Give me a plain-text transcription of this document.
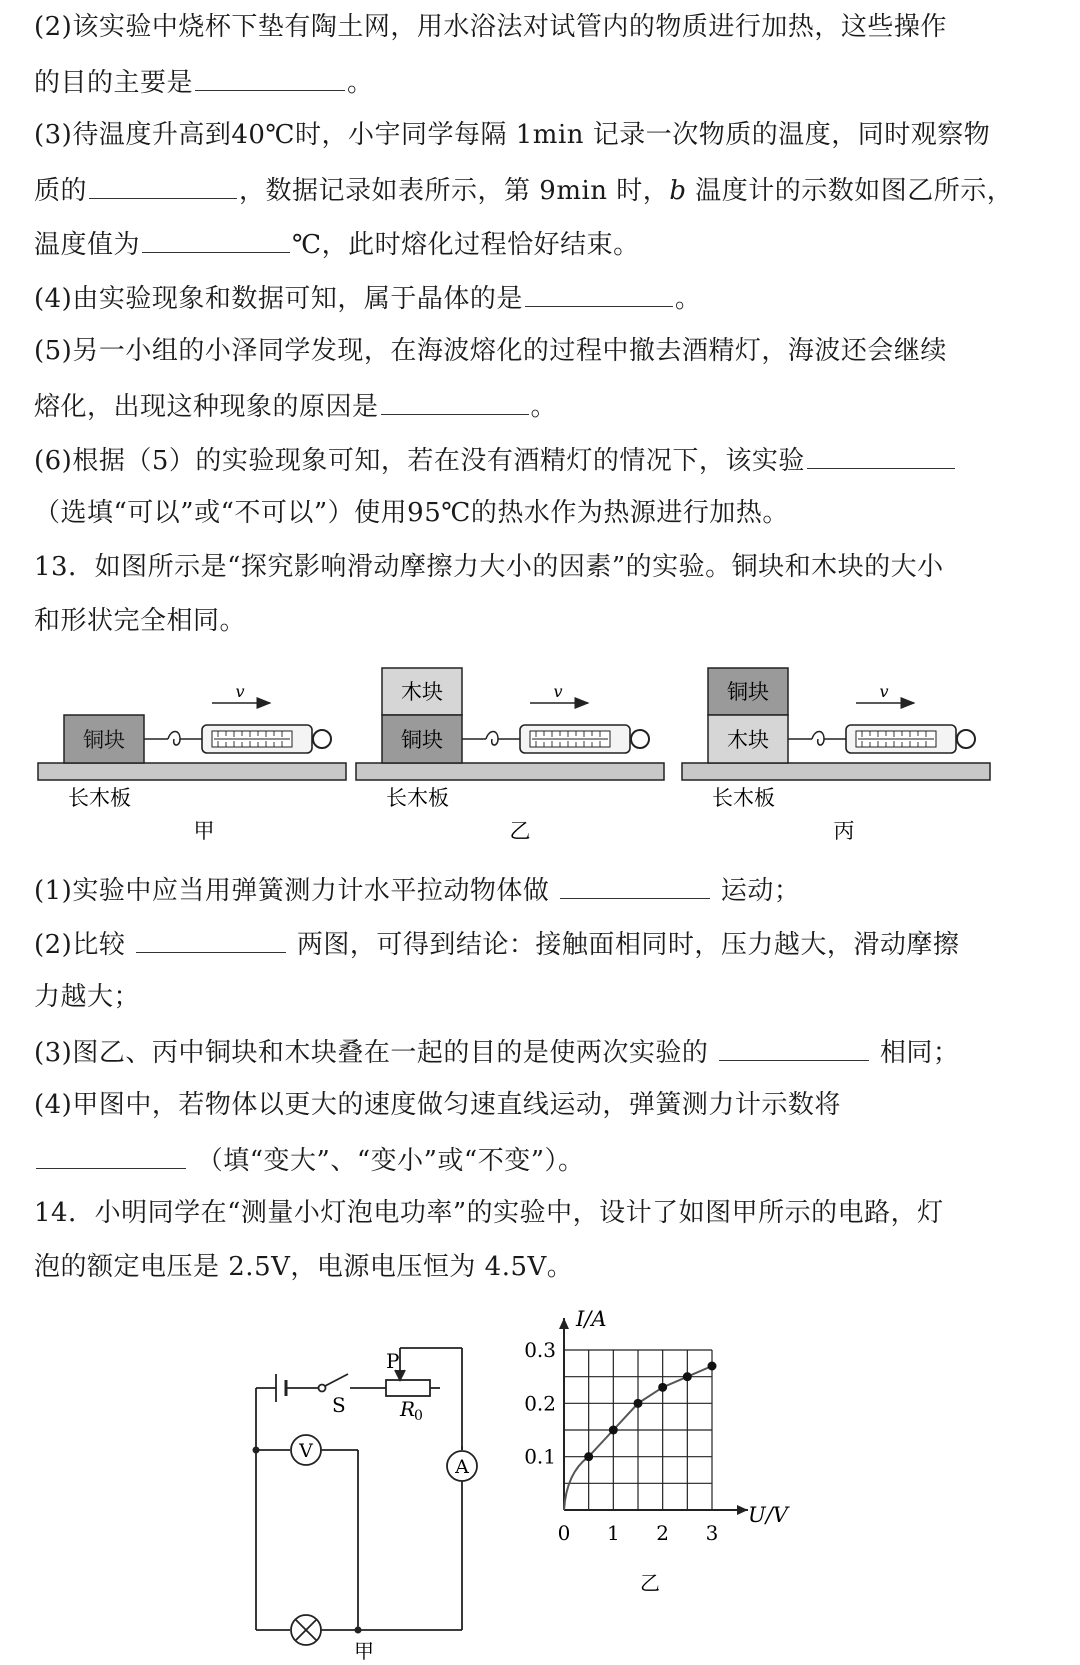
(2)该实验中烧杯下垫有陶土网，用水浴法对试管内的物质进行加热，这些操作
的目的主要是	。
(3)待温度升高到40℃时，小宇同学每隔 1min 记录一次物质的温度，同时观察物
质的	，数据记录如表所示，第 9min 时，b 温度计的示数如图乙所示，
温度值为	℃，此时熔化过程恰好结束。
(4)由实验现象和数据可知，属于晶体的是	。
(5)另一小组的小泽同学发现，在海波熔化的过程中撤去酒精灯，海波还会继续
熔化，出现这种现象的原因是	。
(6)根据（5）的实验现象可知，若在没有酒精灯的情况下，该实验
（选填“可以”或“不可以”）使用95℃的热水作为热源进行加热。
13．如图所示是“探究影响滑动摩擦力大小的因素”的实验。铜块和木块的大小
和形状完全相同。
铜块
v
长木板
甲
木块
铜块
v
长木板
乙
铜块
木块
v
长木板
丙
(1)实验中应当用弹簧测力计水平拉动物体做	运动；
(2)比较	两图，可得到结论：接触面相同时，压力越大，滑动摩擦
力越大；
(3)图乙、丙中铜块和木块叠在一起的目的是使两次实验的	相同；
(4)甲图中，若物体以更大的速度做匀速直线运动，弹簧测力计示数将
（填“变大”、“变小”或“不变”）。
14．小明同学在“测量小灯泡电功率”的实验中，设计了如图甲所示的电路，灯
泡的额定电压是 2.5V，电源电压恒为 4.5V。
V
A
P
S	R
0
甲
0 1 2 3
0.1
0.2
0.3
I/A
U/V
乙
